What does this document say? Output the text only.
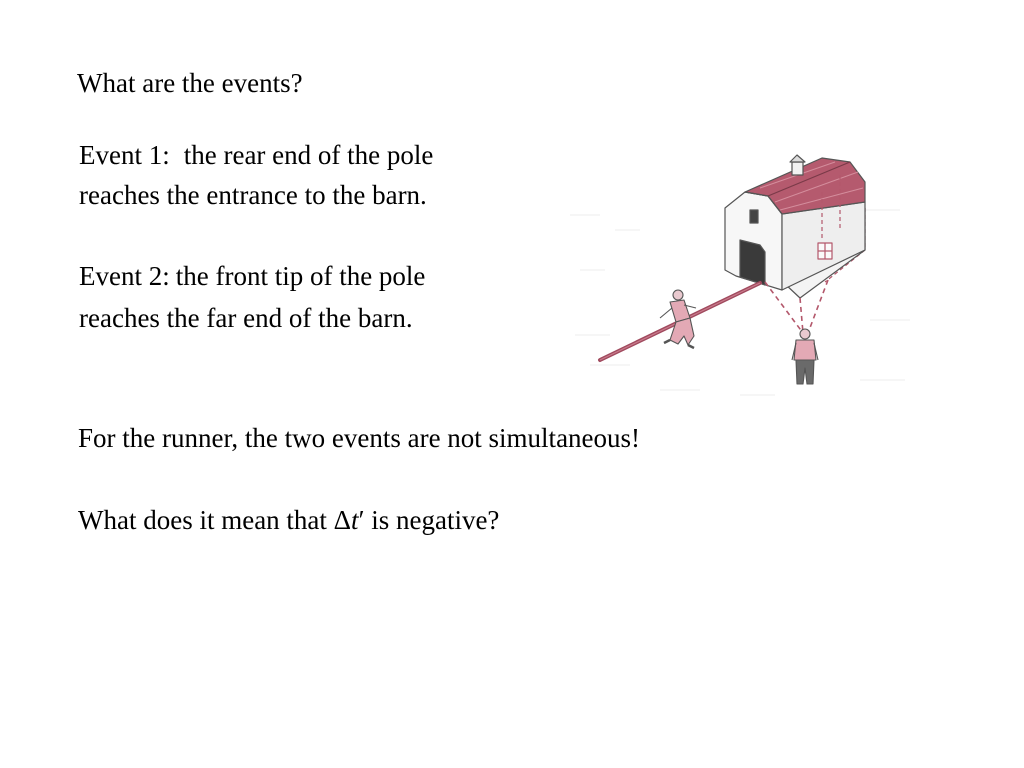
What are the events?
Event 1: the rear end of the pole
reaches the entrance to the barn.
Event 2: the front tip of the pole
reaches the far end of the barn.
For the runner, the two events are not simultaneous!
What does it mean that Δt′ is negative?
